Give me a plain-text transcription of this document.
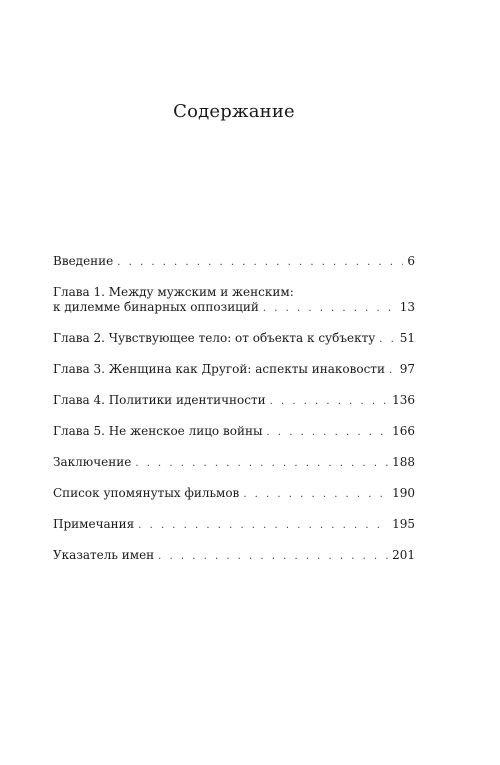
Содержание
Введение . . .	6
Глава 1. Между мужским и женским:
к дилемме бинарных оппозиций . . .	13
Глава 2. Чувствующее тело: от объекта к субъекту . . . 51
Глава 3. Женщина как Другой: аспекты инаковости . . . 97
Глава 4. Политики идентичности . . .	136
Глава 5. Не женское лицо войны . . .	166
Заключение . . .	188
Список упомянутых фильмов . . .	190
Примечания . . .	195
Указатель имен . . .	201
